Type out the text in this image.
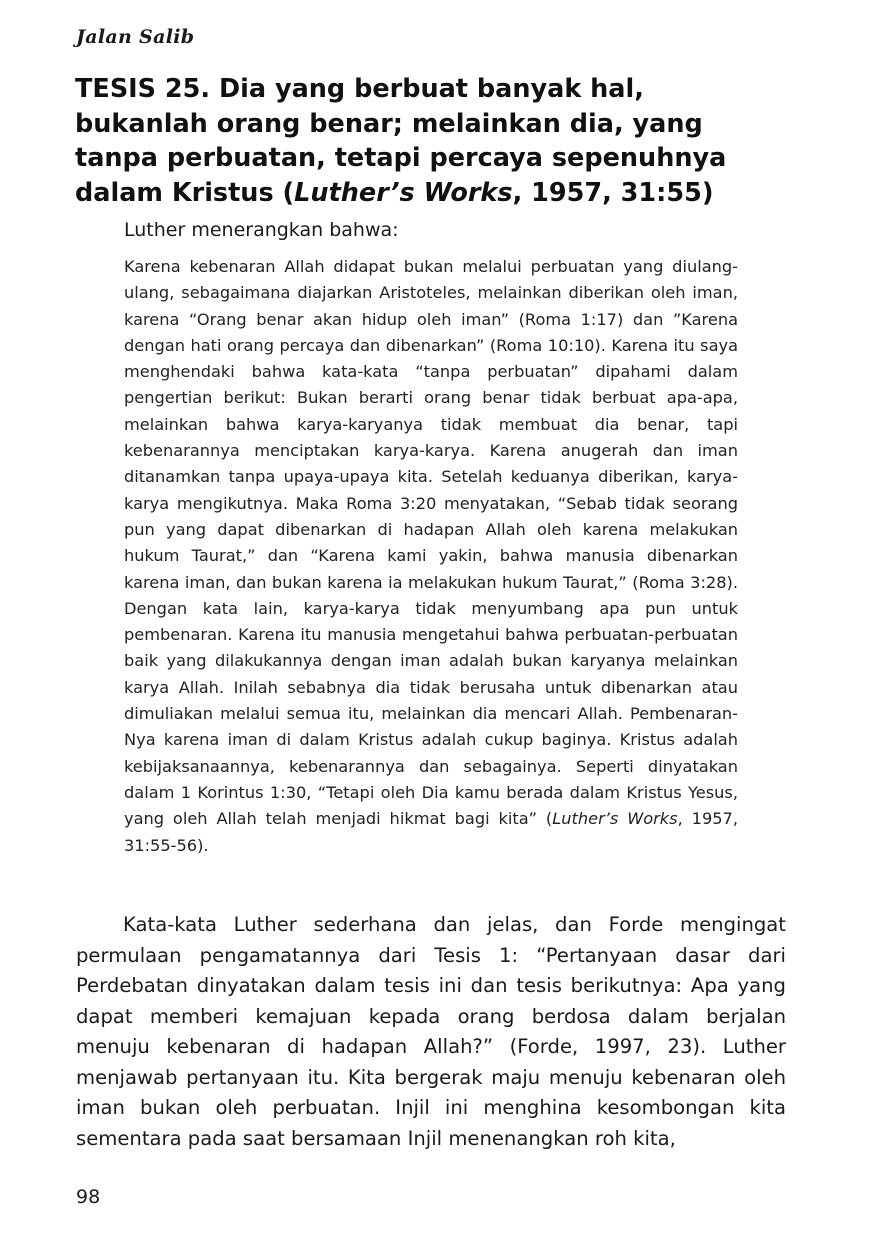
Jalan Salib
TESIS 25. Dia yang berbuat banyak hal, bukanlah orang benar; melainkan dia, yang tanpa perbuatan, tetapi percaya sepenuhnya dalam Kristus (Luther’s Works, 1957, 31:55)

Luther menerangkan bahwa:

Karena kebenaran Allah didapat bukan melalui perbuatan yang diulang-ulang, sebagaimana diajarkan Aristoteles, melainkan diberikan oleh iman, karena “Orang benar akan hidup oleh iman” (Roma 1:17) dan ”Karena dengan hati orang percaya dan dibenarkan” (Roma 10:10). Karena itu saya menghendaki bahwa kata-kata “tanpa perbuatan” dipahami dalam pengertian berikut: Bukan berarti orang benar tidak berbuat apa-apa, melainkan bahwa karya-karyanya tidak membuat dia benar, tapi kebenarannya menciptakan karya-karya. Karena anugerah dan iman ditanamkan tanpa upaya-upaya kita. Setelah keduanya diberikan, karya-karya mengikutnya. Maka Roma 3:20 menyatakan, “Sebab tidak seorang pun yang dapat dibenarkan di hadapan Allah oleh karena melakukan hukum Taurat,” dan “Karena kami yakin, bahwa manusia dibenarkan karena iman, dan bukan karena ia melakukan hukum Taurat,” (Roma 3:28). Dengan kata lain, karya-karya tidak menyumbang apa pun untuk pembenaran. Karena itu manusia mengetahui bahwa perbuatan-perbuatan baik yang dilakukannya dengan iman adalah bukan karyanya melainkan karya Allah. Inilah sebabnya dia tidak berusaha untuk dibenarkan atau dimuliakan melalui semua itu, melainkan dia mencari Allah. Pembenaran-Nya karena iman di dalam Kristus adalah cukup baginya. Kristus adalah kebijaksanaannya, kebenarannya dan sebagainya. Seperti dinyatakan dalam 1 Korintus 1:30, “Tetapi oleh Dia kamu berada dalam Kristus Yesus, yang oleh Allah telah menjadi hikmat bagi kita” (Luther’s Works, 1957, 31:55-56).

Kata-kata Luther sederhana dan jelas, dan Forde mengingat permulaan pengamatannya dari Tesis 1: “Pertanyaan dasar dari Perdebatan dinyatakan dalam tesis ini dan tesis berikutnya: Apa yang dapat memberi kemajuan kepada orang berdosa dalam berjalan menuju kebenaran di hadapan Allah?” (Forde, 1997, 23). Luther menjawab pertanyaan itu. Kita bergerak maju menuju kebenaran oleh iman bukan oleh perbuatan. Injil ini menghina kesombongan kita sementara pada saat bersamaan Injil menenangkan roh kita,

98
